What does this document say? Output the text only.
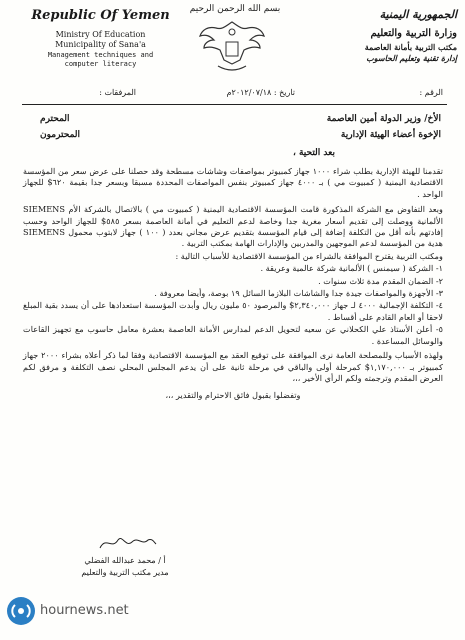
Republic Of Yemen
Ministry Of Education
Municipality of Sana'a
Management techniques and
computer literacy
بسم الله الرحمن الرحيم	الجمهورية اليمنية
وزارة التربية والتعليم
مكتب التربية بأمانة العاصمة
إدارة تقنية وتعليم الحاسوب
الرقم :
تاريخ : ٢٠١٢/٠٧/١٨م
المرفقات :
الأخ/ وزير الدولة أمين العاصمة
المحترم
الإخوة أعضاء الهيئة الإدارية
المحترمون
بعد التحية ،

تقدمنا للهيئة الإدارية بطلب شراء ١٠٠٠ جهاز كمبيوتر بمواصفات وشاشات مسطحة وقد حصلنا على عرض سعر من المؤسسة الاقتصادية اليمنية ( كمبيوت مي ) بـ ٤٠٠٠ جهاز كمبيوتر بنفس المواصفات المحددة مسبقا وبسعر جدا بقيمة ٦٢٠$ للجهاز الواحد .

وبعد التفاوض مع الشركة المذكورة قامت المؤسسة الاقتصادية اليمنية ( كمبيوت مي ) بالاتصال بالشركة الأم SIEMENS الألمانية ووصلت إلى تقديم أسعار مغرية جدا وخاصة لدعم التعليم في أمانة العاصمة بسعر ٥٨٥$ للجهاز الواحد وحسب إفادتهم بأنه أقل من التكلفة إضافة إلى قيام المؤسسة بتقديم عرض مجاني بعدد ( ١٠٠ ) جهاز لابتوب محمول SIEMENS هدية من المؤسسة لدعم الموجهين والمدربين والإدارات الهامة بمكتب التربية .

ومكتب التربية يقترح الموافقة بالشراء من المؤسسة الاقتصادية للأسباب التالية :

١- الشركة ( سيمنس ) الألمانية شركة عالمية وعريقة .

٢- الضمان المقدم مدة ثلاث سنوات .

٣- الأجهزة والمواصفات جيدة جدا والشاشات البلازما السائل ١٩ بوصة، وأيضا معروفة .

٤- التكلفة الإجمالية ٤٠٠٠ لـ جهاز ٢,٣٤٠,٠٠٠$ والمرصود ٥٠ مليون ريال وأبدت المؤسسة استعدادها على أن يسدد بقية المبلغ لاحقا أو العام القادم على أقساط .

٥- أعلن الأستاذ علي الكحلاني عن سعيه لتحويل الدعم لمدارس الأمانة العاصمة بعشرة معامل حاسوب مع تجهيز القاعات والوسائل المساعدة .

ولهذه الأسباب وللمصلحة العامة نرى الموافقة على توقيع العقد مع المؤسسة الاقتصادية وفقا لما ذكر أعلاه بشراء ٢٠٠٠ جهاز كمبيوتر بـ ١,١٧٠,٠٠٠$ كمرحلة أولى والباقي في مرحلة ثانية على أن يدعم المجلس المحلي نصف التكلفة و مرفق لكم العرض المقدم وترجمته ولكم الرأي الأخير ،،،

وتفضلوا بقبول فائق الاحترام والتقدير ،،،

أ / محمد عبدالله الفضلي
مدير مكتب التربية والتعليم
hournews.net
